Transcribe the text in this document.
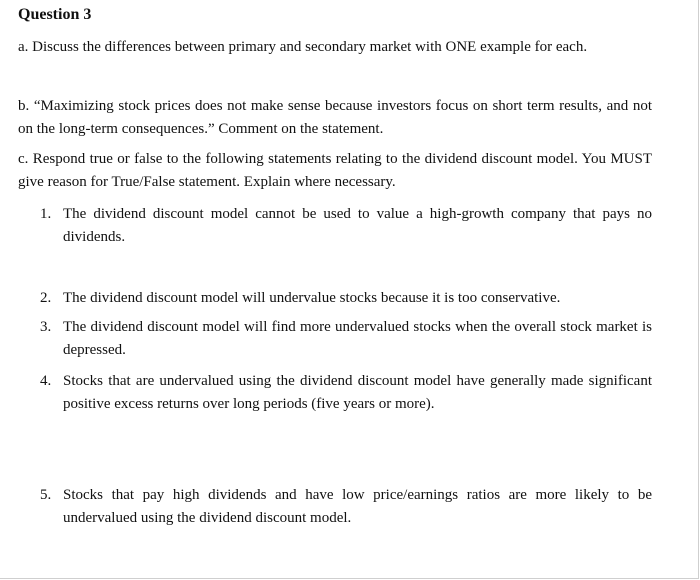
Question 3

a. Discuss the differences between primary and secondary market with ONE example for each.

b. “Maximizing stock prices does not make sense because investors focus on short term results, and not on the long-term consequences.” Comment on the statement.

c. Respond true or false to the following statements relating to the dividend discount model. You MUST give reason for True/False statement. Explain where necessary.

1. The dividend discount model cannot be used to value a high-growth company that pays no dividends.
2. The dividend discount model will undervalue stocks because it is too conservative.
3. The dividend discount model will find more undervalued stocks when the overall stock market is depressed.
4. Stocks that are undervalued using the dividend discount model have generally made significant positive excess returns over long periods (five years or more).
5. Stocks that pay high dividends and have low price/earnings ratios are more likely to be undervalued using the dividend discount model.
